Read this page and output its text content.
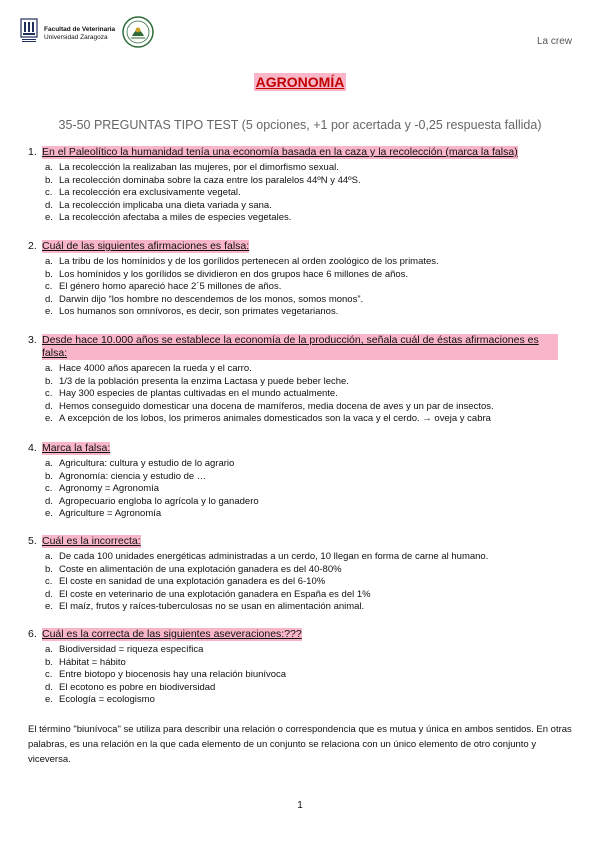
Facultad de Veterinaria
Universidad Zaragoza	La crew
AGRONOMÍA
35-50 PREGUNTAS TIPO TEST (5 opciones, +1 por acertada y -0,25 respuesta fallida)
1. En el Paleolítico la humanidad tenía una economía basada en la caza y la recolección (marca la falsa)
a. La recolección la realizaban las mujeres, por el dimorfismo sexual.
b. La recolección dominaba sobre la caza entre los paralelos 44ºN y 44ºS.
c. La recolección era exclusivamente vegetal.
d. La recolección implicaba una dieta variada y sana.
e. La recolección afectaba a miles de especies vegetales.
2. Cuál de las siguientes afirmaciones es falsa:
a. La tribu de los homínidos y de los gorílidos pertenecen al orden zoológico de los primates.
b. Los homínidos y los gorílidos se dividieron en dos grupos hace 6 millones de años.
c. El género homo apareció hace 2´5 millones de años.
d. Darwin dijo “los hombre no descendemos de los monos, somos monos”.
e. Los humanos son omnívoros, es decir, son primates vegetarianos.
3. Desde hace 10.000 años se establece la economía de la producción, señala cuál de éstas afirmaciones es falsa:
a. Hace 4000 años aparecen la rueda y el carro.
b. 1/3 de la población presenta la enzima Lactasa y puede beber leche.
c. Hay 300 especies de plantas cultivadas en el mundo actualmente.
d. Hemos conseguido domesticar una docena de mamíferos, media docena de aves y un par de insectos.
e. A excepción de los lobos, los primeros animales domesticados son la vaca y el cerdo. → oveja y cabra
4. Marca la falsa:
a. Agricultura: cultura y estudio de lo agrario
b. Agronomía: ciencia y estudio de …
c. Agronomy = Agronomía
d. Agropecuario engloba lo agrícola y lo ganadero
e. Agriculture = Agronomía
5. Cuál es la incorrecta:
a. De cada 100 unidades energéticas administradas a un cerdo, 10 llegan en forma de carne al humano.
b. Coste en alimentación de una explotación ganadera es del 40-80%
c. El coste en sanidad de una explotación ganadera es del 6-10%
d. El coste en veterinario de una explotación ganadera en España es del 1%
e. El maíz, frutos y raíces-tuberculosas no se usan en alimentación animal.
6. Cuál es la correcta de las siguientes aseveraciones:???
a. Biodiversidad = riqueza específica
b. Hábitat = hábito
c. Entre biotopo y biocenosis hay una relación biunívoca
d. El ecotono es pobre en biodiversidad
e. Ecología = ecologismo
El término "biunívoca" se utiliza para describir una relación o correspondencia que es mutua y única en ambos sentidos. En otras palabras, es una relación en la que cada elemento de un conjunto se relaciona con un único elemento de otro conjunto y viceversa.
1
